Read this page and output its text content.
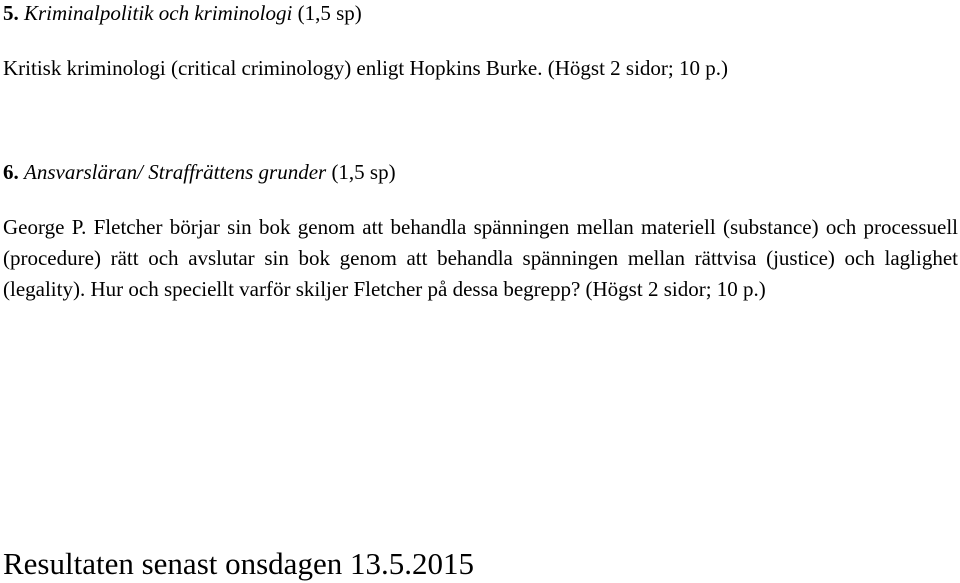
5. Kriminalpolitik och kriminologi (1,5 sp)
Kritisk kriminologi (critical criminology) enligt Hopkins Burke. (Högst 2 sidor; 10 p.)
6. Ansvarsläran/ Straffrättens grunder (1,5 sp)
George P. Fletcher börjar sin bok genom att behandla spänningen mellan materiell (substance) och processuell (procedure) rätt och avslutar sin bok genom att behandla spänningen mellan rättvisa (justice) och laglighet (legality). Hur och speciellt varför skiljer Fletcher på dessa begrepp? (Högst 2 sidor; 10 p.)
Resultaten senast onsdagen 13.5.2015
